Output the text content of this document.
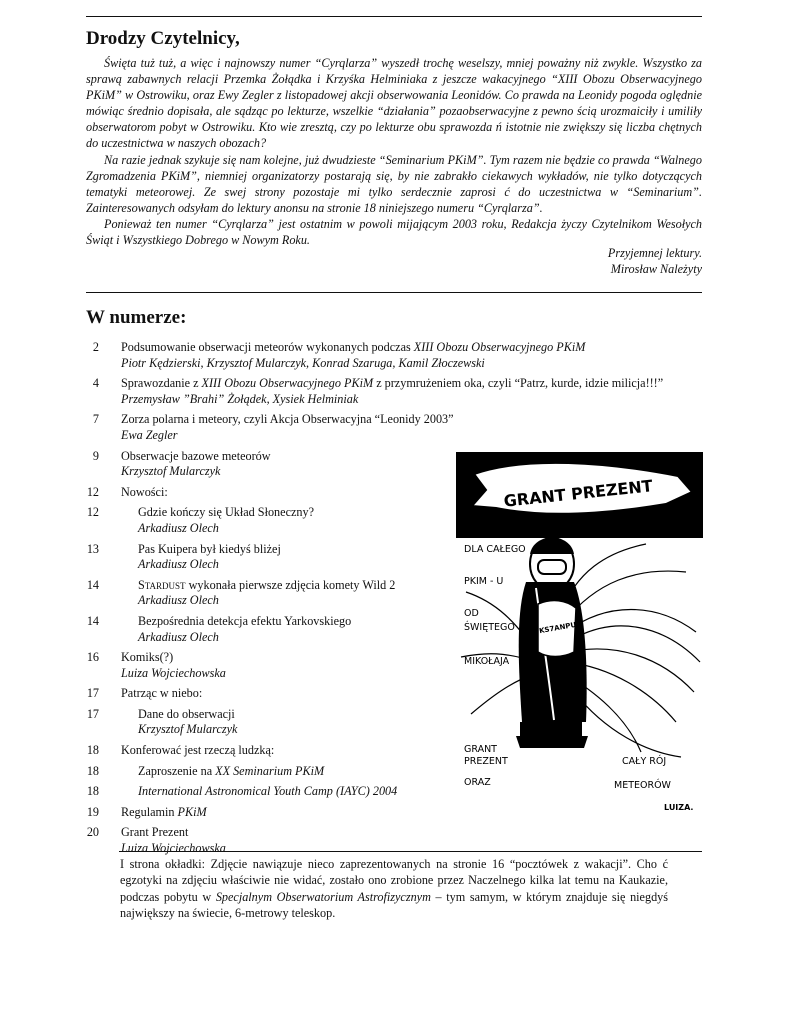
Drodzy Czytelnicy,

Święta tuż tuż, a więc i najnowszy numer “Cyrqlarza” wyszedł trochę weselszy, mniej poważny niż zwykle. Wszystko za sprawą zabawnych relacji Przemka Żołądka i Krzyśka Helminiaka z jeszcze wakacyjnego “XIII Obozu Obserwacyjnego PKiM” w Ostrowiku, oraz Ewy Zegler z listopadowej akcji obserwowania Leonidów. Co prawda na Leonidy pogoda oględnie mówiąc średnio dopisała, ale sądząc po lekturze, wszelkie “działania” pozaobserwacyjne z pewno ścią urozmaiciły i umiliły obserwatorom pobyt w Ostrowiku. Kto wie zresztą, czy po lekturze obu sprawozda ń istotnie nie zwiększy się liczba chętnych do uczestnictwa w naszych obozach?

Na razie jednak szykuje się nam kolejne, już dwudzieste “Seminarium PKiM”. Tym razem nie będzie co prawda “Walnego Zgromadzenia PKiM”, niemniej organizatorzy postarają się, by nie zabrakło ciekawych wykładów, nie tylko dotyczących tematyki meteorowej. Ze swej strony pozostaje mi tylko serdecznie zaprosi ć do uczestnictwa w “Seminarium”. Zainteresowanych odsyłam do lektury anonsu na stronie 18 niniejszego numeru “Cyrqlarza”.

Ponieważ ten numer “Cyrqlarza” jest ostatnim w powoli mijającym 2003 roku, Redakcja życzy Czytelnikom Wesołych Świąt i Wszystkiego Dobrego w Nowym Roku.

Przyjemnej lektury.
Mirosław Należyty
W numerze:
2 Podsumowanie obserwacji meteorów wykonanych podczas XIII Obozu Obserwacyjnego PKiM
Piotr Kędzierski, Krzysztof Mularczyk, Konrad Szaruga, Kamil Złoczewski
4 Sprawozdanie z XIII Obozu Obserwacyjnego PKiM z przymrużeniem oka, czyli “Patrz, kurde, idzie milicja!!!”
Przemysław ”Brahi” Żołądek, Xysiek Helminiak
7 Zorza polarna i meteory, czyli Akcja Obserwacyjna “Leonidy 2003”
Ewa Zegler
9 Obserwacje bazowe meteorów
Krzysztof Mularczyk
12 Nowości:
12	Gdzie kończy się Układ Słoneczny?
Arkadiusz Olech
13	Pas Kuipera był kiedyś bliżej
Arkadiusz Olech
14	Stardust wykonała pierwsze zdjęcia komety Wild 2
Arkadiusz Olech
14	Bezpośrednia detekcja efektu Yarkovskiego
Arkadiusz Olech
16 Komiks(?)
Luiza Wojciechowska
17 Patrząc w niebo:
17	Dane do obserwacji
Krzysztof Mularczyk
18 Konferować jest rzeczą ludzką:
18	Zaproszenie na XX Seminarium PKiM
18	International Astronomical Youth Camp (IAYC) 2004
19 Regulamin PKiM
20 Grant Prezent
Luiza Wojciechowska
GRANT PREZENT
KS7ANPU
DLA CAŁEGO
PKIM - U
OD
ŚWIĘTEGO
MIKOŁAJA
GRANT
PREZENT
ORAZ
CAŁY RÓJ
METEORÓW
LUIZA.
I strona okładki: Zdjęcie nawiązuje nieco zaprezentowanych na stronie 16 “pocztówek z wakacji”. Cho ć egzotyki na zdjęciu właściwie nie widać, zostało ono zrobione przez Naczelnego kilka lat temu na Kaukazie, podczas pobytu w Specjalnym Obserwatorium Astrofizycznym – tym samym, w którym znajduje się niegdyś największy na świecie, 6-metrowy teleskop.
